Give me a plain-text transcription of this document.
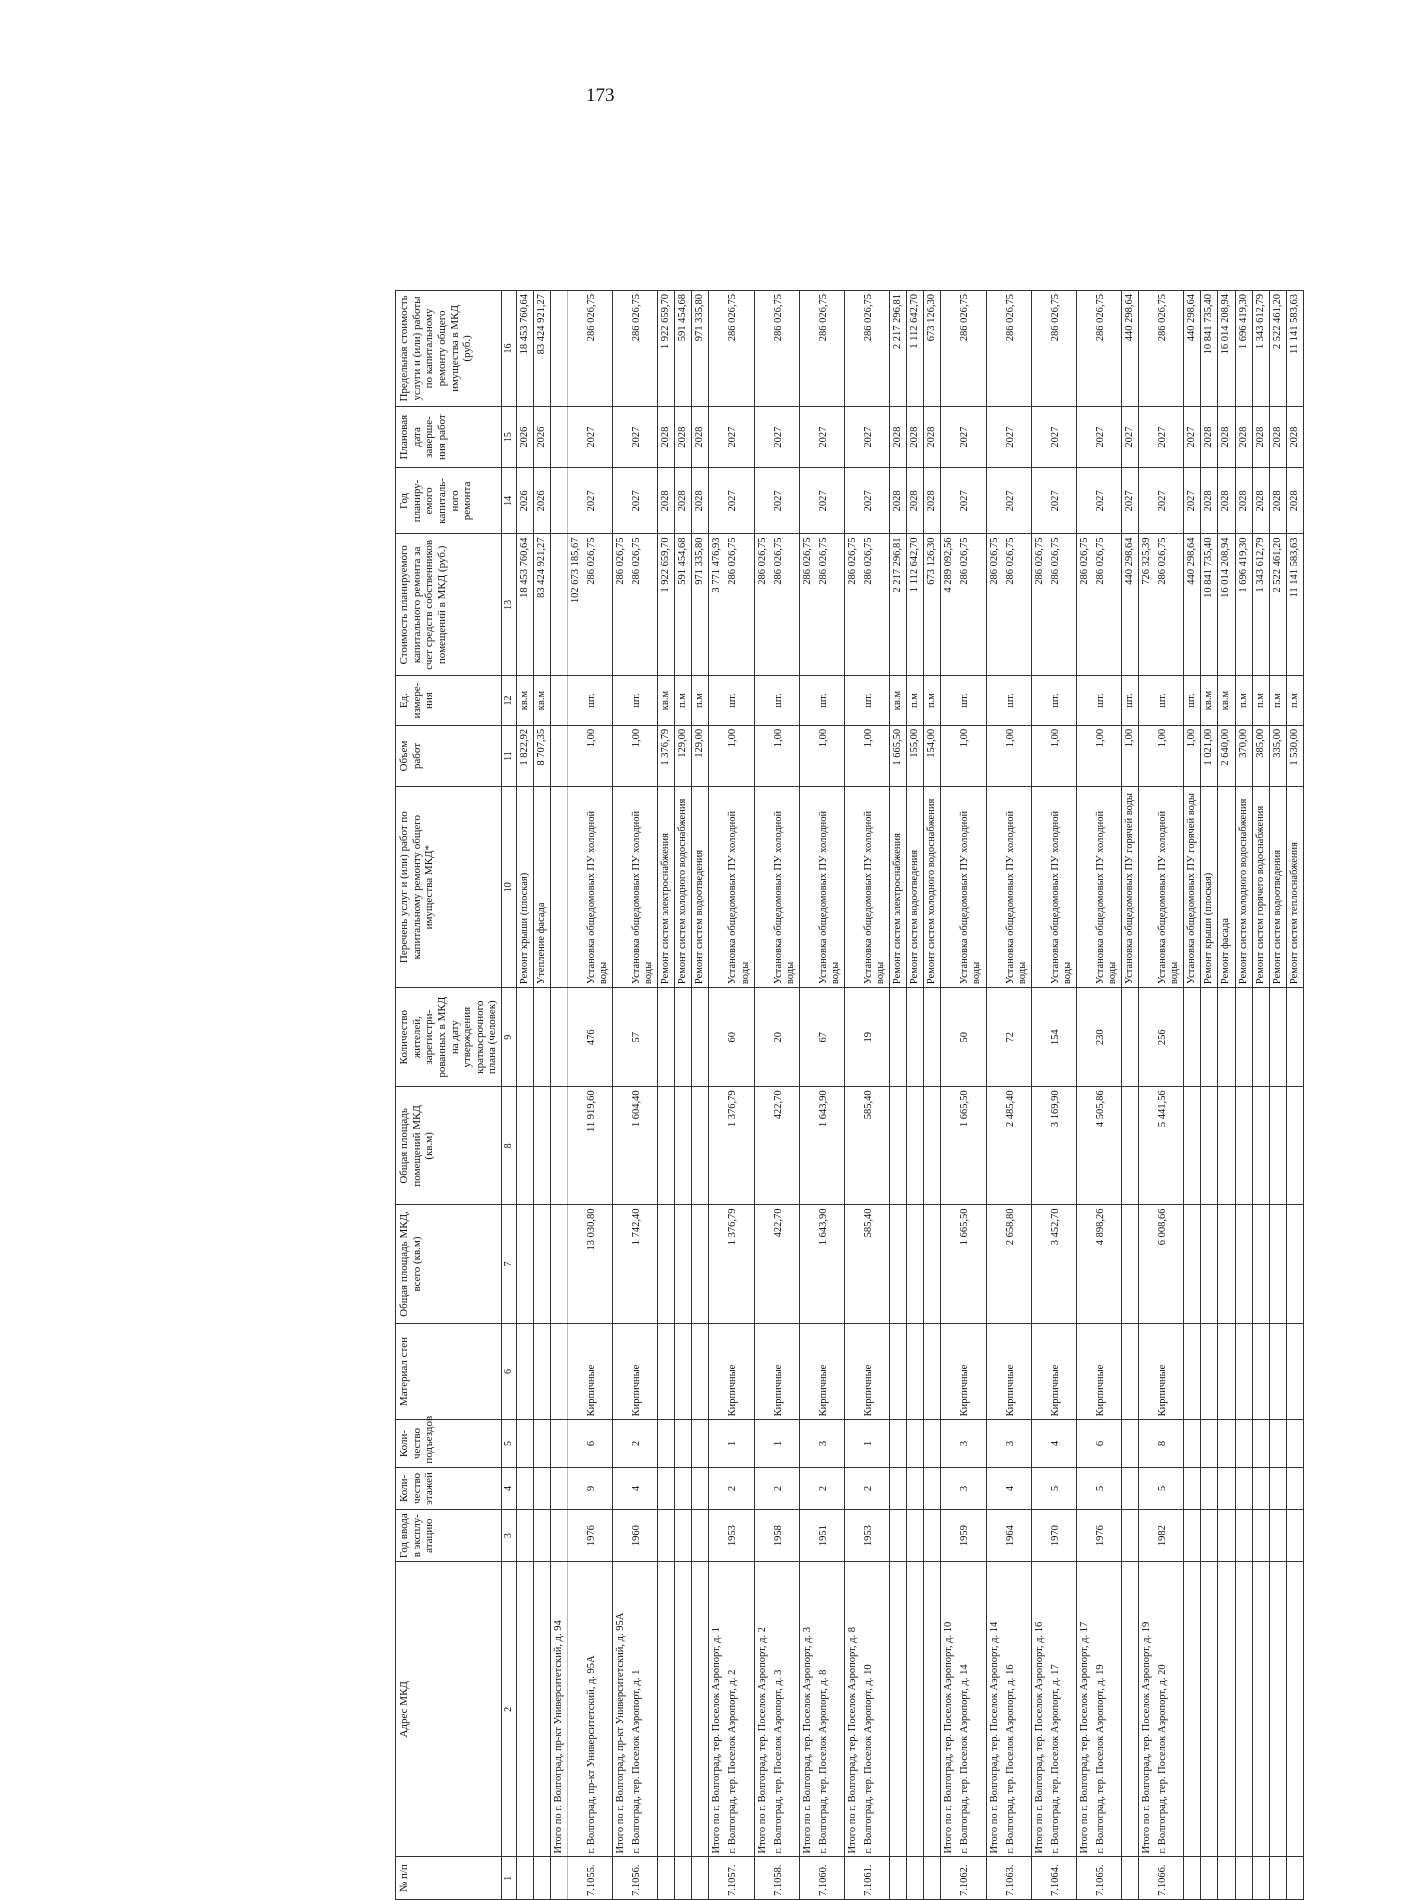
173
№ п/п	Адрес МКД	Год ввода в эксплу-атацию	Коли-чество этажей	Коли-чество подъездов	Материал стен	Общая площадь МКД, всего (кв.м)	Общая площадь помещений МКД (кв.м)	Количество жителей, зарегистри-рованных в МКД на дату утверждения краткосрочного плана (человек)	Перечень услуг и (или) работ по капитальному ремонту общего имущества МКД*	Объем работ	Ед. измере-ния	Стоимость планируемого капитального ремонта за счет средств собственников помещений в МКД (руб.)	Год планиру-емого капиталь-ного ремонта	Плановая дата заверше-ния работ	Предельная стоимость услуги и (или) работы по капитальному ремонту общего имущества в МКД (руб.)
1	2	3	4	5	6	7	8	9	10	11	12	13	14	15	16
									Ремонт крыши (плоская)	1 822,92	кв.м	18 453 760,64	2026	2026	18 453 760,64
									Утепление фасада	8 707,35	кв.м	83 424 921,27	2026	2026	83 424 921,27
	Итого по г. Волгоград, пр-кт Университетский, д. 94														
												102 673 185,67			
7.1055.	г. Волгоград, пр-кт Университетский, д. 95А	1976	9	6	Кирпичные	13 030,80	11 919,60	476	Установка общедомовых ПУ холодной воды	1,00	шт.	286 026,75	2027	2027	286 026,75
	Итого по г. Волгоград, пр-кт Университетский, д. 95А											286 026,75			
7.1056.	г. Волгоград, тер. Поселок Аэропорт, д. 1	1960	4	2	Кирпичные	1 742,40	1 604,40	57	Установка общедомовых ПУ холодной воды	1,00	шт.	286 026,75	2027	2027	286 026,75
									Ремонт систем электроснабжения	1 376,79	кв.м	1 922 659,70	2028	2028	1 922 659,70
									Ремонт систем холодного водоснабжения	129,00	п.м	591 454,68	2028	2028	591 454,68
									Ремонт систем водоотведения	129,00	п.м	971 335,80	2028	2028	971 335,80
	Итого по г. Волгоград, тер. Поселок Аэропорт, д. 1											3 771 476,93			
7.1057.	г. Волгоград, тер. Поселок Аэропорт, д. 2	1953	2	1	Кирпичные	1 376,79	1 376,79	60	Установка общедомовых ПУ холодной воды	1,00	шт.	286 026,75	2027	2027	286 026,75
	Итого по г. Волгоград, тер. Поселок Аэропорт, д. 2											286 026,75			
7.1058.	г. Волгоград, тер. Поселок Аэропорт, д. 3	1958	2	1	Кирпичные	422,70	422,70	20	Установка общедомовых ПУ холодной воды	1,00	шт.	286 026,75	2027	2027	286 026,75
	Итого по г. Волгоград, тер. Поселок Аэропорт, д. 3											286 026,75			
7.1060.	г. Волгоград, тер. Поселок Аэропорт, д. 8	1951	2	3	Кирпичные	1 643,90	1 643,90	67	Установка общедомовых ПУ холодной воды	1,00	шт.	286 026,75	2027	2027	286 026,75
	Итого по г. Волгоград, тер. Поселок Аэропорт, д. 8											286 026,75			
7.1061.	г. Волгоград, тер. Поселок Аэропорт, д. 10	1953	2	1	Кирпичные	585,40	585,40	19	Установка общедомовых ПУ холодной воды	1,00	шт.	286 026,75	2027	2027	286 026,75
									Ремонт систем электроснабжения	1 665,50	кв.м	2 217 296,81	2028	2028	2 217 296,81
									Ремонт систем водоотведения	155,00	п.м	1 112 642,70	2028	2028	1 112 642,70
									Ремонт систем холодного водоснабжения	154,00	п.м	673 126,30	2028	2028	673 126,30
	Итого по г. Волгоград, тер. Поселок Аэропорт, д. 10											4 289 092,56			
7.1062.	г. Волгоград, тер. Поселок Аэропорт, д. 14	1959	3	3	Кирпичные	1 665,50	1 665,50	50	Установка общедомовых ПУ холодной воды	1,00	шт.	286 026,75	2027	2027	286 026,75
	Итого по г. Волгоград, тер. Поселок Аэропорт, д. 14											286 026,75			
7.1063.	г. Волгоград, тер. Поселок Аэропорт, д. 16	1964	4	3	Кирпичные	2 658,80	2 485,40	72	Установка общедомовых ПУ холодной воды	1,00	шт.	286 026,75	2027	2027	286 026,75
	Итого по г. Волгоград, тер. Поселок Аэропорт, д. 16											286 026,75			
7.1064.	г. Волгоград, тер. Поселок Аэропорт, д. 17	1970	5	4	Кирпичные	3 452,70	3 169,90	154	Установка общедомовых ПУ холодной воды	1,00	шт.	286 026,75	2027	2027	286 026,75
	Итого по г. Волгоград, тер. Поселок Аэропорт, д. 17											286 026,75			
7.1065.	г. Волгоград, тер. Поселок Аэропорт, д. 19	1976	5	6	Кирпичные	4 898,26	4 505,86	230	Установка общедомовых ПУ холодной воды	1,00	шт.	286 026,75	2027	2027	286 026,75
									Установка общедомовых ПУ горячей воды	1,00	шт.	440 298,64	2027	2027	440 298,64
	Итого по г. Волгоград, тер. Поселок Аэропорт, д. 19											726 325,39			
7.1066.	г. Волгоград, тер. Поселок Аэропорт, д. 20	1982	5	8	Кирпичные	6 008,66	5 441,56	256	Установка общедомовых ПУ холодной воды	1,00	шт.	286 026,75	2027	2027	286 026,75
									Установка общедомовых ПУ горячей воды	1,00	шт.	440 298,64	2027	2027	440 298,64
									Ремонт крыши (плоская)	1 021,00	кв.м	10 841 735,40	2028	2028	10 841 735,40
									Ремонт фасада	2 640,00	кв.м	16 014 208,94	2028	2028	16 014 208,94
									Ремонт систем холодного водоснабжения	370,00	п.м	1 696 419,30	2028	2028	1 696 419,30
									Ремонт систем горячего водоснабжения	385,00	п.м	1 343 612,79	2028	2028	1 343 612,79
									Ремонт систем водоотведения	335,00	п.м	2 522 461,20	2028	2028	2 522 461,20
									Ремонт систем теплоснабжения	1 530,00	п.м	11 141 583,63	2028	2028	11 141 583,63
